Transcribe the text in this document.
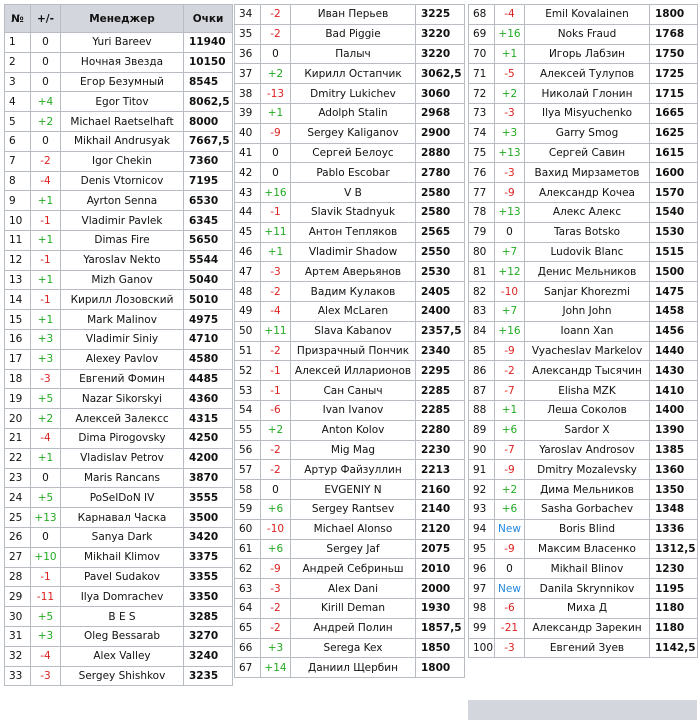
№	+/-	Менеджер	Очки
1	0	Yuri Bareev	11940
2	0	Ночная Звезда	10150
3	0	Егор Безумный	8545
4	+4	Egor Titov	8062,5
5	+2	Michael Raetselhaft	8000
6	0	Mikhail Andrusyak	7667,5
7	-2	Igor Chekin	7360
8	-4	Denis Vtornicov	7195
9	+1	Ayrton Senna	6530
10	-1	Vladimir Pavlek	6345
11	+1	Dimas Fire	5650
12	-1	Yaroslav Nekto	5544
13	+1	Mizh Ganov	5040
14	-1	Кирилл Лозовский	5010
15	+1	Mark Malinov	4975
16	+3	Vladimir Siniy	4710
17	+3	Alexey Pavlov	4580
18	-3	Евгений Фомин	4485
19	+5	Nazar Sikorskyi	4360
20	+2	Алексей Залексс	4315
21	-4	Dima Pirogovsky	4250
22	+1	Vladislav Petrov	4200
23	0	Maris Rancans	3870
24	+5	PoSeIDoN IV	3555
25	+13	Карнавал Часка	3500
26	0	Sanya Dark	3420
27	+10	Mikhail Klimov	3375
28	-1	Pavel Sudakov	3355
29	-11	Ilya Domrachev	3350
30	+5	B E S	3285
31	+3	Oleg Bessarab	3270
32	-4	Alex Valley	3240
33	-3	Sergey Shishkov	3235
34	-2	Иван Перьев	3225
35	-2	Bad Piggie	3220
36	0	Палыч	3220
37	+2	Кирилл Остапчик	3062,5
38	-13	Dmitry Lukichev	3060
39	+1	Adolph Stalin	2968
40	-9	Sergey Kaliganov	2900
41	0	Сергей Белоус	2880
42	0	Pablo Escobar	2780
43	+16	V B	2580
44	-1	Slavik Stadnyuk	2580
45	+11	Антон Тепляков	2565
46	+1	Vladimir Shadow	2550
47	-3	Артем Аверьянов	2530
48	-2	Вадим Кулаков	2405
49	-4	Alex McLaren	2400
50	+11	Slava Kabanov	2357,5
51	-2	Призрачный Пончик	2340
52	-1	Алексей Илларионов	2295
53	-1	Сан Саныч	2285
54	-6	Ivan Ivanov	2285
55	+2	Anton Kolov	2280
56	-2	Mig Mag	2230
57	-2	Артур Файзуллин	2213
58	0	EVGENIY N	2160
59	+6	Sergey Rantsev	2140
60	-10	Michael Alonso	2120
61	+6	Sergey Jaf	2075
62	-9	Андрей Себриньш	2010
63	-3	Alex Dani	2000
64	-2	Kirill Deman	1930
65	-2	Андрей Полин	1857,5
66	+3	Serega Kex	1850
67	+14	Даниил Щербин	1800
68	-4	Emil Kovalainen	1800
69	+16	Noks Fraud	1768
70	+1	Игорь Лабзин	1750
71	-5	Алексей Тулупов	1725
72	+2	Николай Глонин	1715
73	-3	Ilya Misyuchenko	1665
74	+3	Garry Smog	1625
75	+13	Сергей Савин	1615
76	-3	Вахид Мирзаметов	1600
77	-9	Александр Кочеа	1570
78	+13	Алекс Алекс	1540
79	0	Taras Botsko	1530
80	+7	Ludovik Blanc	1515
81	+12	Денис Мельников	1500
82	-10	Sanjar Khorezmi	1475
83	+7	John John	1458
84	+16	Ioann Xan	1456
85	-9	Vyacheslav Markelov	1440
86	-2	Александр Тысячин	1430
87	-7	Elisha MZK	1410
88	+1	Леша Соколов	1400
89	+6	Sardor X	1390
90	-7	Yaroslav Androsov	1385
91	-9	Dmitry Mozalevsky	1360
92	+2	Дима Мельников	1350
93	+6	Sasha Gorbachev	1348
94	New	Boris Blind	1336
95	-9	Максим Власенко	1312,5
96	0	Mikhail Blinov	1230
97	New	Danila Skrynnikov	1195
98	-6	Миха Д	1180
99	-21	Александр Зарекин	1180
100	-3	Евгений Зуев	1142,5
